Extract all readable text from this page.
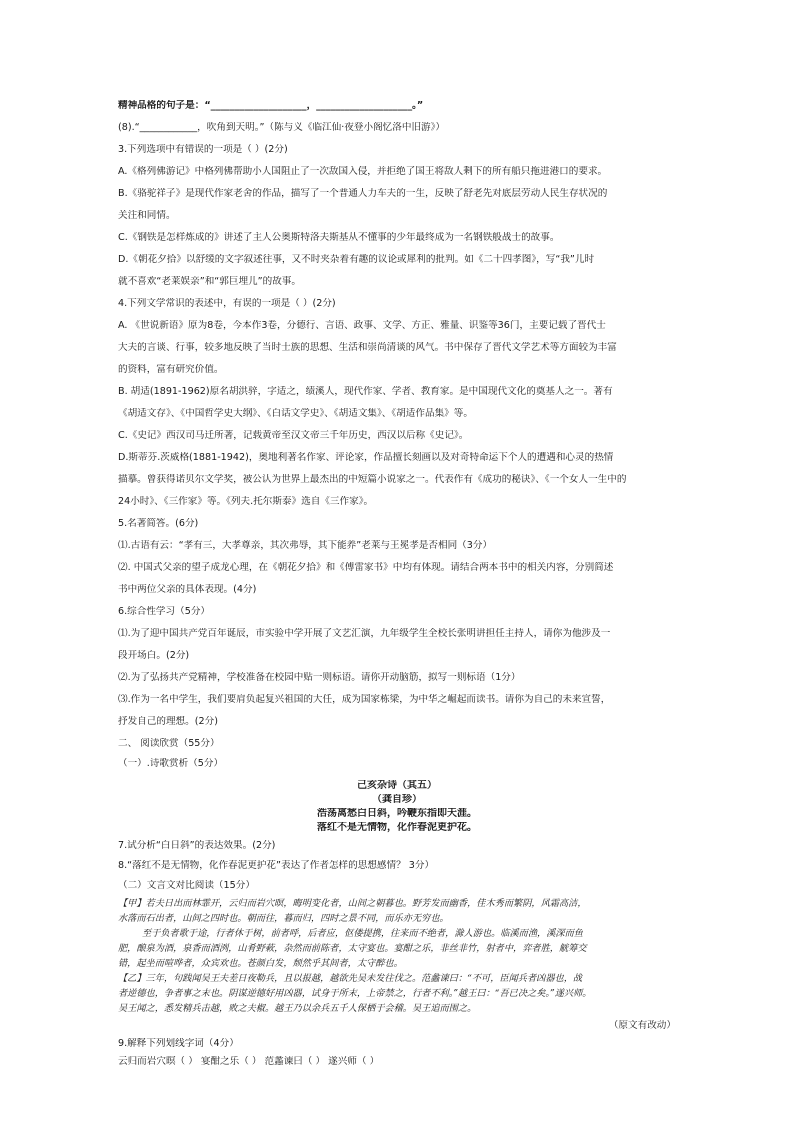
精神品格的句子是：“____________________，____________________。”
(8).“____________，吹角到天明。”（陈与义《临江仙·夜登小阁忆洛中旧游》）
3.下列选项中有错误的一项是（ ）(2分)
A.《格列佛游记》中格列佛帮助小人国阻止了一次敌国入侵，并拒绝了国王将敌人剩下的所有船只拖进港口的要求。
B.《骆驼祥子》是现代作家老舍的作品，描写了一个普通人力车夫的一生，反映了舒老先对底层劳动人民生存状况的
关注和同情。
C.《钢铁是怎样炼成的》讲述了主人公奥斯特洛夫斯基从不懂事的少年最终成为一名钢铁般战士的故事。
D.《朝花夕拾》以舒缓的文字叙述往事，又不时夹杂着有趣的议论或犀利的批判。如《二十四孝图》，写“我”儿时
就不喜欢“老莱娱亲”和“郭巨埋儿”的故事。
4.下列文学常识的表述中，有误的一项是（ ）(2分)
A. 《世说新语》原为8卷，今本作3卷，分德行、言语、政事、文学、方正、雅量、识鉴等36门，主要记载了晋代士
大夫的言谈、行事，较多地反映了当时士族的思想、生活和崇尚清谈的风气。书中保存了晋代文学艺术等方面较为丰富
的资料，富有研究价值。
B. 胡适(1891-1962)原名胡洪骍，字适之，绩溪人，现代作家、学者、教育家。是中国现代文化的奠基人之一。著有
《胡适文存》、《中国哲学史大纲》、《白话文学史》、《胡适文集》、《胡适作品集》等。
C.《史记》西汉司马迁所著，记载黄帝至汉文帝三千年历史，西汉以后称《史记》。
D.斯蒂芬.茨威格(1881-1942)，奥地利著名作家、评论家，作品擅长刻画以及对奇特命运下个人的遭遇和心灵的热情
描摹。曾获得诺贝尔文学奖，被公认为世界上最杰出的中短篇小说家之一。代表作有《成功的秘诀》、《一个女人一生中的
24小时》、《三作家》等。《列夫.托尔斯泰》选自《三作家》。
5.名著简答。(6分)
⑴.古语有云：“孝有三，大孝尊亲，其次弗辱，其下能养”老莱与王冕孝是否相同（3分）
⑵. 中国式父亲的望子成龙心理，在《朝花夕拾》和《傅雷家书》中均有体现。请结合两本书中的相关内容，分别简述
书中两位父亲的具体表现。(4分)
6.综合性学习（5分）
⑴.为了迎中国共产党百年诞辰，市实验中学开展了文艺汇演，九年级学生全校长张明讲担任主持人，请你为他涉及一
段开场白。(2分)
⑵.为了弘扬共产党精神，学校准备在校园中贴一则标语。请你开动脑筋，拟写一则标语（1分）
⑶.作为一名中学生，我们要肩负起复兴祖国的大任，成为国家栋梁，为中华之崛起而读书。请你为自己的未来宣誓，
抒发自己的理想。(2分)
二、 阅读欣赏（55分）
（一）.诗歌赏析（5分）
己亥杂诗（其五）
（龚自珍）
浩荡离愁白日斜，吟鞭东指即天涯。
落红不是无情物，化作春泥更护花。
7.试分析“白日斜”的表达效果。(2分)
8.“落红不是无情物，化作春泥更护花”表达了作者怎样的思想感情？ 3分）
（二）文言文对比阅读（15分）
【甲】若夫日出而林霏开，云归而岩穴暝，晦明变化者，山间之朝暮也。野芳发而幽香，佳木秀而繁阴，风霜高洁，
水落而石出者，山间之四时也。朝而往，暮而归，四时之景不同，而乐亦无穷也。
至于负者歌于途，行者休于树，前者呼，后者应，伛偻提携，往来而不绝者，滁人游也。临溪而渔，溪深而鱼
肥，酿泉为酒，泉香而酒洌，山肴野蔌，杂然而前陈者，太守宴也。宴酣之乐，非丝非竹，射者中，弈者胜，觥筹交
错，起坐而喧哗者，众宾欢也。苍颜白发，颓然乎其间者，太守醉也。
【乙】三年，句践闻吴王夫差日夜勒兵，且以报越，越欲先吴未发往伐之。范蠡谏曰：“不可，臣闻兵者凶器也，战
者逆德也，争者事之末也。阴谋逆德好用凶器，试身于所末，上帝禁之，行者不利。”越王曰：“吾已决之矣。”遂兴师。
吴王闻之，悉发精兵击越，败之夫椒。越王乃以余兵五千人保栖于会稽。吴王追而围之。
（原文有改动）
9.解释下列划线字词（4分）
云归而岩穴暝（ ） 宴酣之乐（ ） 范蠡谏曰（ ） 遂兴师（ ）
